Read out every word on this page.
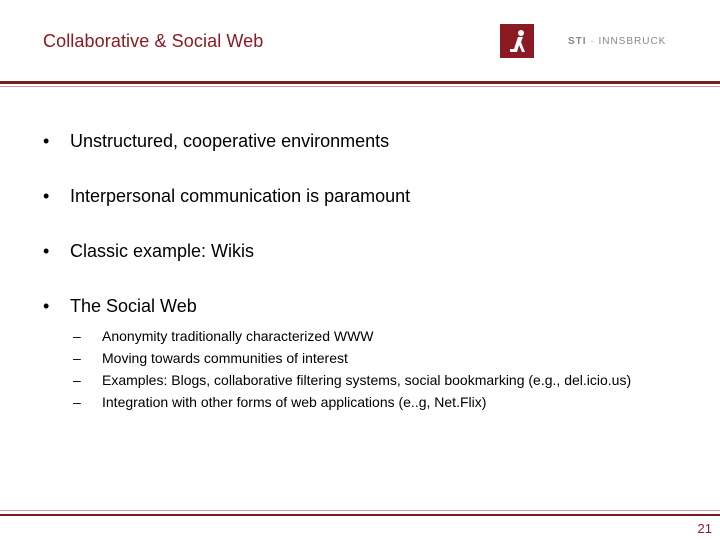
Collaborative & Social Web	STI · INNSBRUCK
• Unstructured, cooperative environments
• Interpersonal communication is paramount
• Classic example: Wikis
• The Social Web
– Anonymity traditionally characterized WWW
– Moving towards communities of interest
– Examples: Blogs, collaborative filtering systems, social bookmarking (e.g., del.icio.us)
– Integration with other forms of web applications (e..g, Net.Flix)
21
